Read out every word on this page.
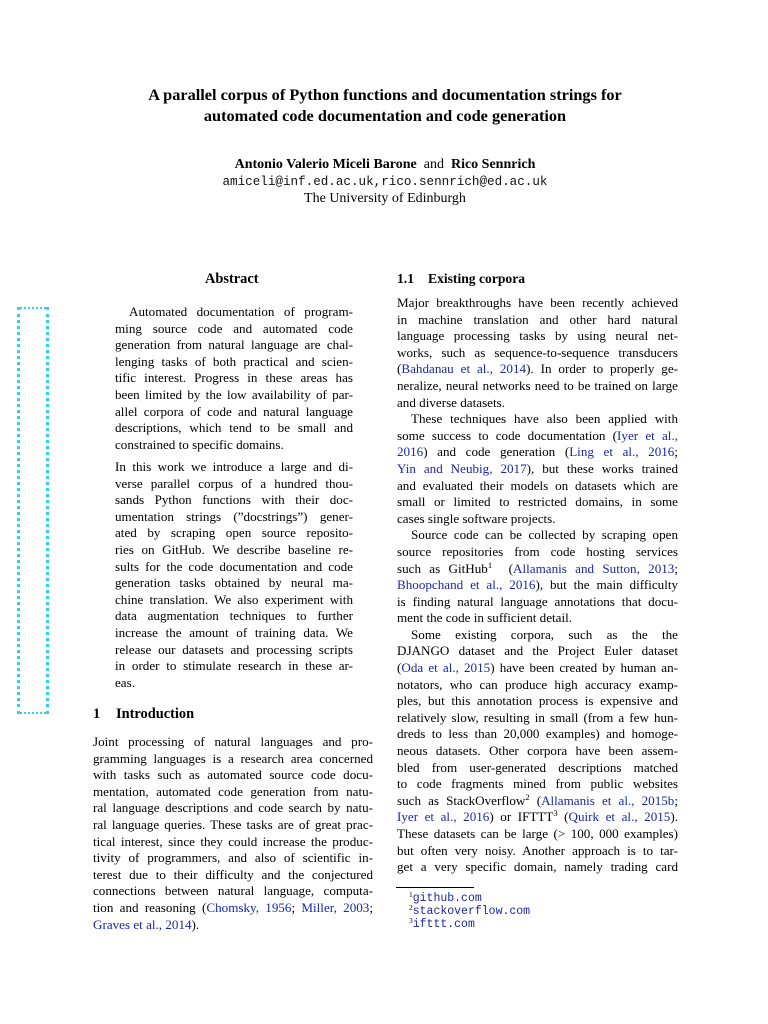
A parallel corpus of Python functions and documentation strings for
automated code documentation and code generation
Antonio Valerio Miceli Barone and Rico Sennrich
amiceli@inf.ed.ac.uk,rico.sennrich@ed.ac.uk
The University of Edinburgh
Abstract
Automated documentation of program-
ming source code and automated code
generation from natural language are chal-
lenging tasks of both practical and scien-
tific interest. Progress in these areas has
been limited by the low availability of par-
allel corpora of code and natural language
descriptions, which tend to be small and
constrained to specific domains.
In this work we introduce a large and di-
verse parallel corpus of a hundred thou-
sands Python functions with their doc-
umentation strings (”docstrings”) gener-
ated by scraping open source reposito-
ries on GitHub. We describe baseline re-
sults for the code documentation and code
generation tasks obtained by neural ma-
chine translation. We also experiment with
data augmentation techniques to further
increase the amount of training data. We
release our datasets and processing scripts
in order to stimulate research in these ar-
eas.
1 Introduction
Joint processing of natural languages and pro-
gramming languages is a research area concerned
with tasks such as automated source code docu-
mentation, automated code generation from natu-
ral language descriptions and code search by natu-
ral language queries. These tasks are of great prac-
tical interest, since they could increase the produc-
tivity of programmers, and also of scientific in-
terest due to their difficulty and the conjectured
connections between natural language, computa-
tion and reasoning (Chomsky, 1956; Miller, 2003;
Graves et al., 2014).
1.1 Existing corpora
Major breakthroughs have been recently achieved
in machine translation and other hard natural
language processing tasks by using neural net-
works, such as sequence-to-sequence transducers
(Bahdanau et al., 2014). In order to properly ge-
neralize, neural networks need to be trained on large
and diverse datasets.
These techniques have also been applied with
some success to code documentation (Iyer et al.,
2016) and code generation (Ling et al., 2016;
Yin and Neubig, 2017), but these works trained
and evaluated their models on datasets which are
small or limited to restricted domains, in some
cases single software projects.
Source code can be collected by scraping open
source repositories from code hosting services
such as GitHub$^1$  (Allamanis and Sutton, 2013;
Bhoopchand et al., 2016), but the main difficulty
is finding natural language annotations that docu-
ment the code in sufficient detail.
Some existing corpora, such as the the
DJANGO dataset and the Project Euler dataset
(Oda et al., 2015) have been created by human an-
notators, who can produce high accuracy examp-
ples, but this annotation process is expensive and
relatively slow, resulting in small (from a few hun-
dreds to less than 20,000 examples) and homoge-
neous datasets. Other corpora have been assem-
bled from user-generated descriptions matched
to code fragments mined from public websites
such as StackOverflow$^2$ (Allamanis et al., 2015b;
Iyer et al., 2016) or IFTTT$^3$ (Quirk et al., 2015).
These datasets can be large (> 100, 000 examples)
but often very noisy. Another approach is to tar-
get a very specific domain, namely trading card
$^1$github.com
$^2$stackoverflow.com
$^3$ifttt.com
